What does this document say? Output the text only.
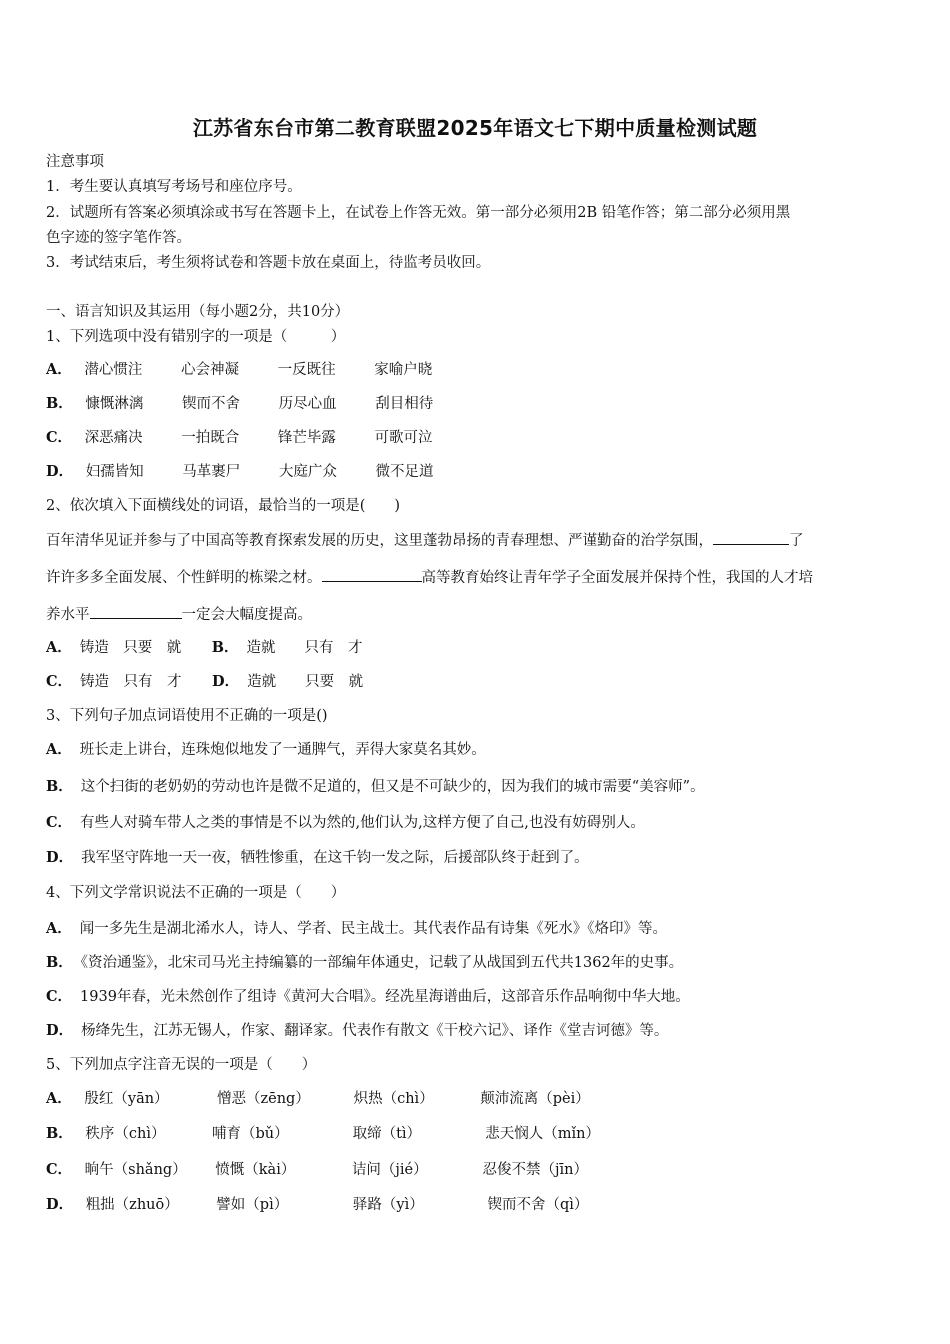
江苏省东台市第二教育联盟2025年语文七下期中质量检测试题
注意事项
1．考生要认真填写考场号和座位序号。
2．试题所有答案必须填涂或书写在答题卡上，在试卷上作答无效。第一部分必须用2B 铅笔作答；第二部分必须用黑
色字迹的签字笔作答。
3．考试结束后，考生须将试卷和答题卡放在桌面上，待监考员收回。
一、语言知识及其运用（每小题2分，共10分）
1、下列选项中没有错别字的一项是（　　　）
A． 潜心惯注	心会神凝	一反既往	家喻户晓
B． 慷慨淋漓	锲而不舍	历尽心血	刮目相待
C． 深恶痛决	一拍既合	锋芒毕露	可歌可泣
D． 妇孺皆知	马革裹尸	大庭广众	微不足道
2、依次填入下面横线处的词语，最恰当的一项是(　　)
百年清华见证并参与了中国高等教育探索发展的历史，这里蓬勃昂扬的青春理想、严谨勤奋的治学氛围，	了
许许多多全面发展、个性鲜明的栋梁之材。	高等教育始终让青年学子全面发展并保持个性，我国的人才培
养水平	一定会大幅度提高。
A． 铸造　只要　就 B． 造就　　只有　才
C． 铸造　只有　才 D． 造就　　只要　就
3、下列句子加点词语使用不正确的一项是()
A． 班长走上讲台，连珠炮似地发了一通脾气，弄得大家莫名其妙。
B． 这个扫街的老奶奶的劳动也许是微不足道的，但又是不可缺少的，因为我们的城市需要“美容师”。
C． 有些人对骑车带人之类的事情是不以为然的,他们认为,这样方便了自己,也没有妨碍别人。
D． 我军坚守阵地一天一夜，牺牲惨重，在这千钧一发之际，后援部队终于赶到了。
4、下列文学常识说法不正确的一项是（　　）
A． 闻一多先生是湖北浠水人，诗人、学者、民主战士。其代表作品有诗集《死水》《烙印》等。
B． 《资治通鉴》，北宋司马光主持编纂的一部编年体通史，记载了从战国到五代共1362年的史事。
C． 1939年春，光未然创作了组诗《黄河大合唱》。经冼星海谱曲后，这部音乐作品响彻中华大地。
D． 杨绛先生，江苏无锡人，作家、翻译家。代表作有散文《干校六记》、译作《堂吉诃德》等。
5、下列加点字注音无误的一项是（　　）
A． 殷红（yān）	憎恶（zēng）	炽热（chì）	颠沛流离（pèi）
B． 秩序（chì）	哺育（bǔ）	取缔（tì）	悲天悯人（mǐn）
C． 晌午（shǎng） 愤慨（kài）	诘问（jié）	忍俊不禁（jīn）
D． 粗拙（zhuō）	譬如（pì）	驿路（yì）	锲而不舍（qì）
